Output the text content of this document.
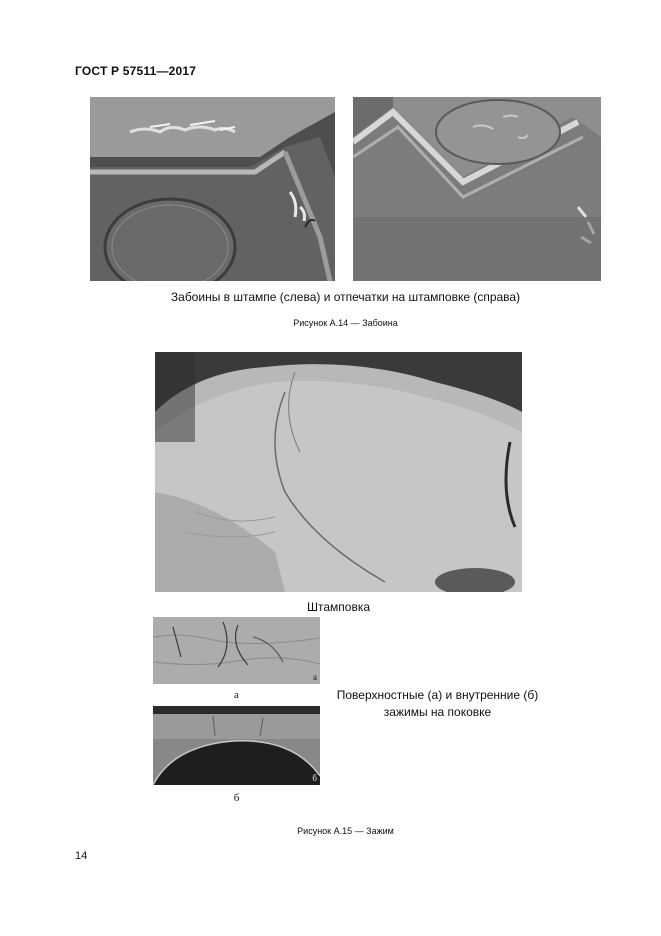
ГОСТ Р 57511—2017
Забоины в штампе (слева) и отпечатки на штамповке (справа)
Рисунок А.14 — Забоина
Штамповка
a
а
б
б
Поверхностные (а) и внутренние (б)
зажимы на поковке
Рисунок А.15 — Зажим
14
